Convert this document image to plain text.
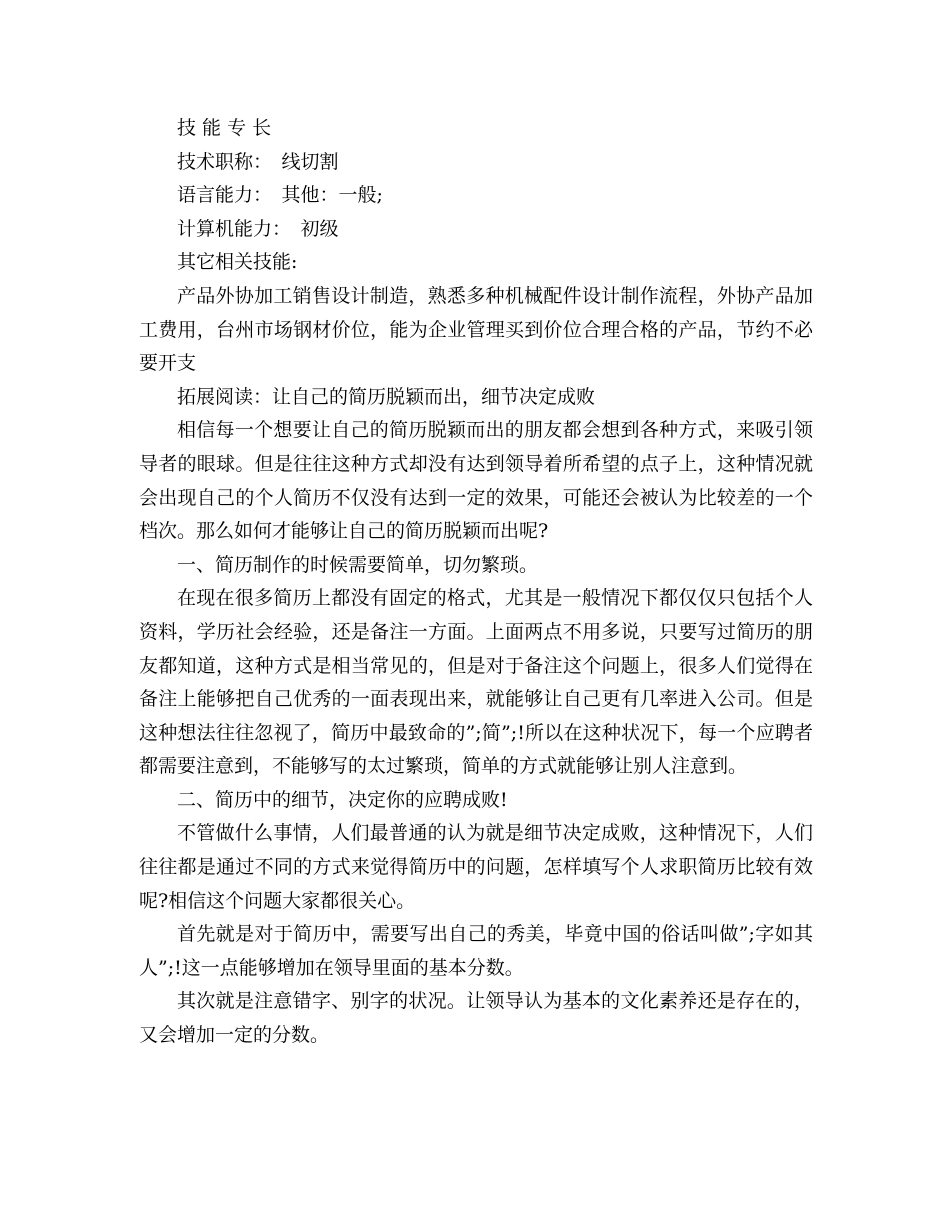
技 能 专 长

技术职称：　线切割

语言能力：　其他：一般;

计算机能力：　初级

其它相关技能:

产品外协加工销售设计制造，熟悉多种机械配件设计制作流程，外协产品加工费用，台州市场钢材价位，能为企业管理买到价位合理合格的产品，节约不必要开支

拓展阅读：让自己的简历脱颖而出，细节决定成败

相信每一个想要让自己的简历脱颖而出的朋友都会想到各种方式，来吸引领导者的眼球。但是往往这种方式却没有达到领导着所希望的点子上，这种情况就会出现自己的个人简历不仅没有达到一定的效果，可能还会被认为比较差的一个档次。那么如何才能够让自己的简历脱颖而出呢?

一、简历制作的时候需要简单，切勿繁琐。

在现在很多简历上都没有固定的格式，尤其是一般情况下都仅仅只包括个人资料，学历社会经验，还是备注一方面。上面两点不用多说，只要写过简历的朋友都知道，这种方式是相当常见的，但是对于备注这个问题上，很多人们觉得在备注上能够把自己优秀的一面表现出来，就能够让自己更有几率进入公司。但是这种想法往往忽视了，简历中最致命的”;简”;!所以在这种状况下，每一个应聘者都需要注意到，不能够写的太过繁琐，简单的方式就能够让别人注意到。

二、简历中的细节，决定你的应聘成败!

不管做什么事情，人们最普通的认为就是细节决定成败，这种情况下，人们往往都是通过不同的方式来觉得简历中的问题，怎样填写个人求职简历比较有效呢?相信这个问题大家都很关心。

首先就是对于简历中，需要写出自己的秀美，毕竟中国的俗话叫做”;字如其人”;!这一点能够增加在领导里面的基本分数。

其次就是注意错字、别字的状况。让领导认为基本的文化素养还是存在的，又会增加一定的分数。
